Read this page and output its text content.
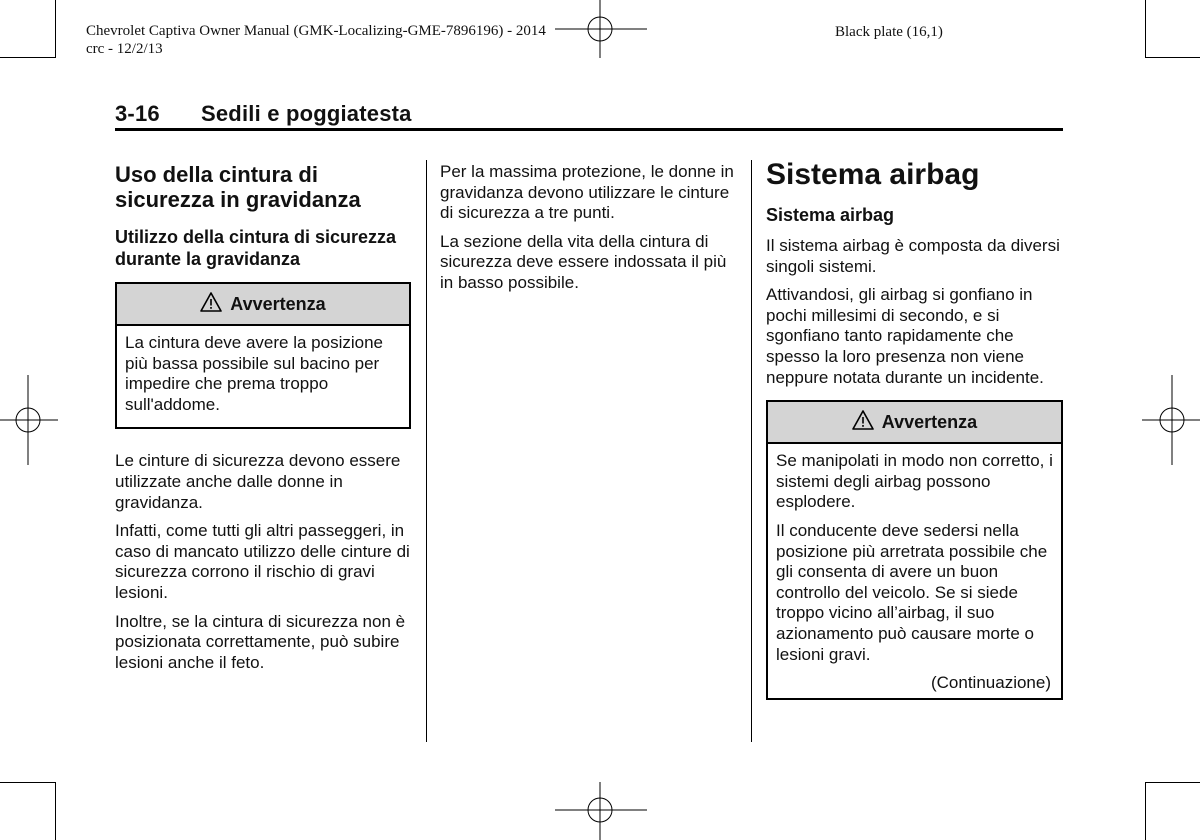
Chevrolet Captiva Owner Manual (GMK-Localizing-GME-7896196) - 2014
crc - 12/2/13
Black plate (16,1)
3-16 Sedili e poggiatesta
Uso della cintura di sicurezza in gravidanza
Utilizzo della cintura di sicurezza durante la gravidanza
Avvertenza

La cintura deve avere la posizione più bassa possibile sul bacino per impedire che prema troppo sull'addome.

Le cinture di sicurezza devono essere utilizzate anche dalle donne in gravidanza.

Infatti, come tutti gli altri passeggeri, in caso di mancato utilizzo delle cinture di sicurezza corrono il rischio di gravi lesioni.

Inoltre, se la cintura di sicurezza non è posizionata correttamente, può subire lesioni anche il feto.

Per la massima protezione, le donne in gravidanza devono utilizzare le cinture di sicurezza a tre punti.

La sezione della vita della cintura di sicurezza deve essere indossata il più in basso possibile.

Sistema airbag
Sistema airbag

Il sistema airbag è composta da diversi singoli sistemi.

Attivandosi, gli airbag si gonfiano in pochi millesimi di secondo, e si sgonfiano tanto rapidamente che spesso la loro presenza non viene neppure notata durante un incidente.

Avvertenza

Se manipolati in modo non corretto, i sistemi degli airbag possono esplodere.

Il conducente deve sedersi nella posizione più arretrata possibile che gli consenta di avere un buon controllo del veicolo. Se si siede troppo vicino all’airbag, il suo azionamento può causare morte o lesioni gravi.

(Continuazione)
